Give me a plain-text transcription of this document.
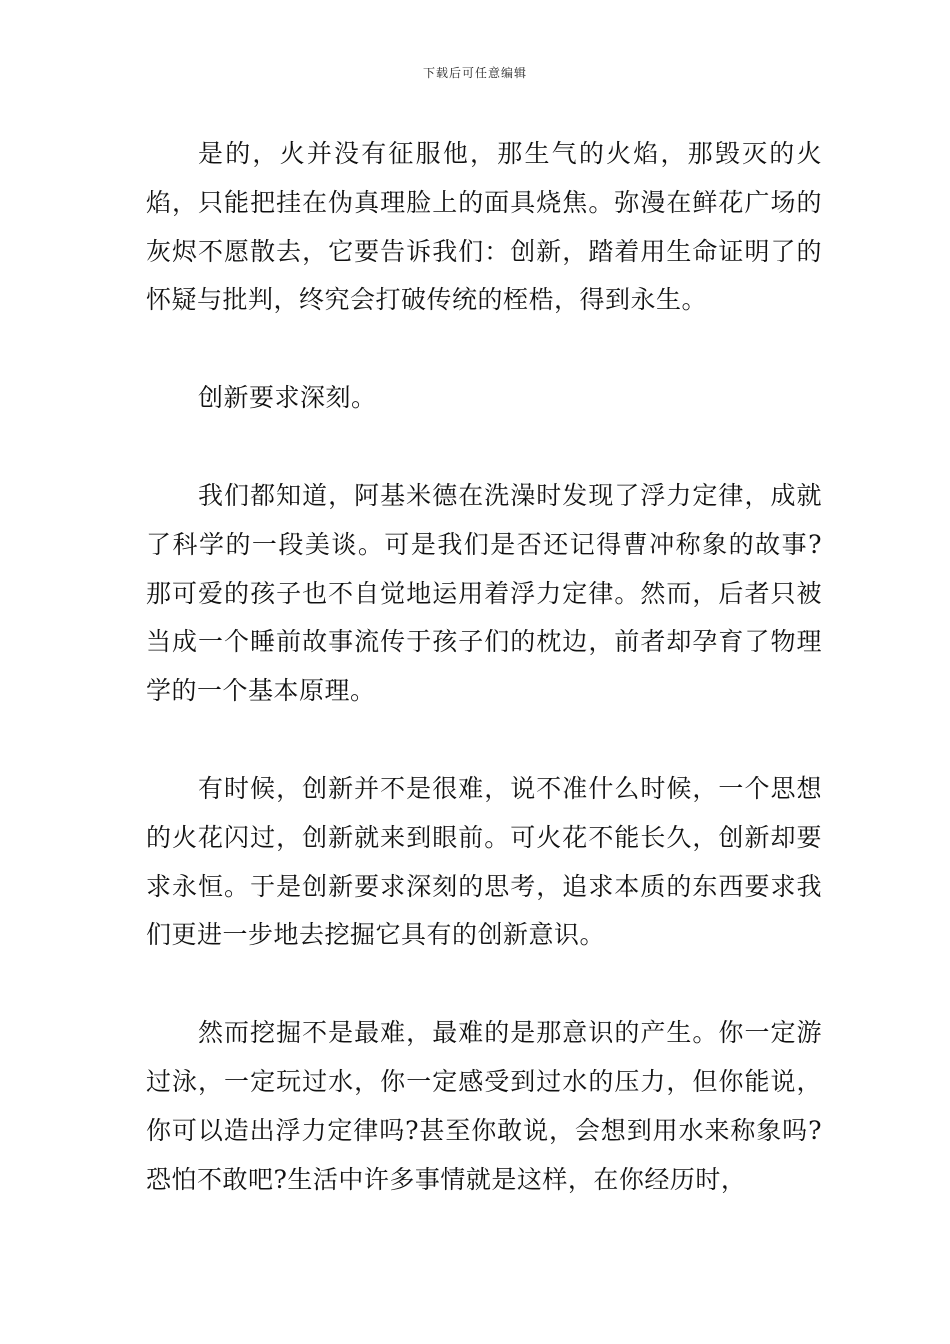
下载后可任意编辑

是的，火并没有征服他，那生气的火焰，那毁灭的火焰，只能把挂在伪真理脸上的面具烧焦。弥漫在鲜花广场的灰烬不愿散去，它要告诉我们：创新，踏着用生命证明了的怀疑与批判，终究会打破传统的桎梏，得到永生。

创新要求深刻。

我们都知道，阿基米德在洗澡时发现了浮力定律，成就了科学的一段美谈。可是我们是否还记得曹冲称象的故事?那可爱的孩子也不自觉地运用着浮力定律。然而，后者只被当成一个睡前故事流传于孩子们的枕边，前者却孕育了物理学的一个基本原理。

有时候，创新并不是很难，说不准什么时候，一个思想的火花闪过，创新就来到眼前。可火花不能长久，创新却要求永恒。于是创新要求深刻的思考，追求本质的东西要求我们更进一步地去挖掘它具有的创新意识。

然而挖掘不是最难，最难的是那意识的产生。你一定游过泳，一定玩过水，你一定感受到过水的压力，但你能说，你可以造出浮力定律吗?甚至你敢说，会想到用水来称象吗?恐怕不敢吧?生活中许多事情就是这样，在你经历时，
